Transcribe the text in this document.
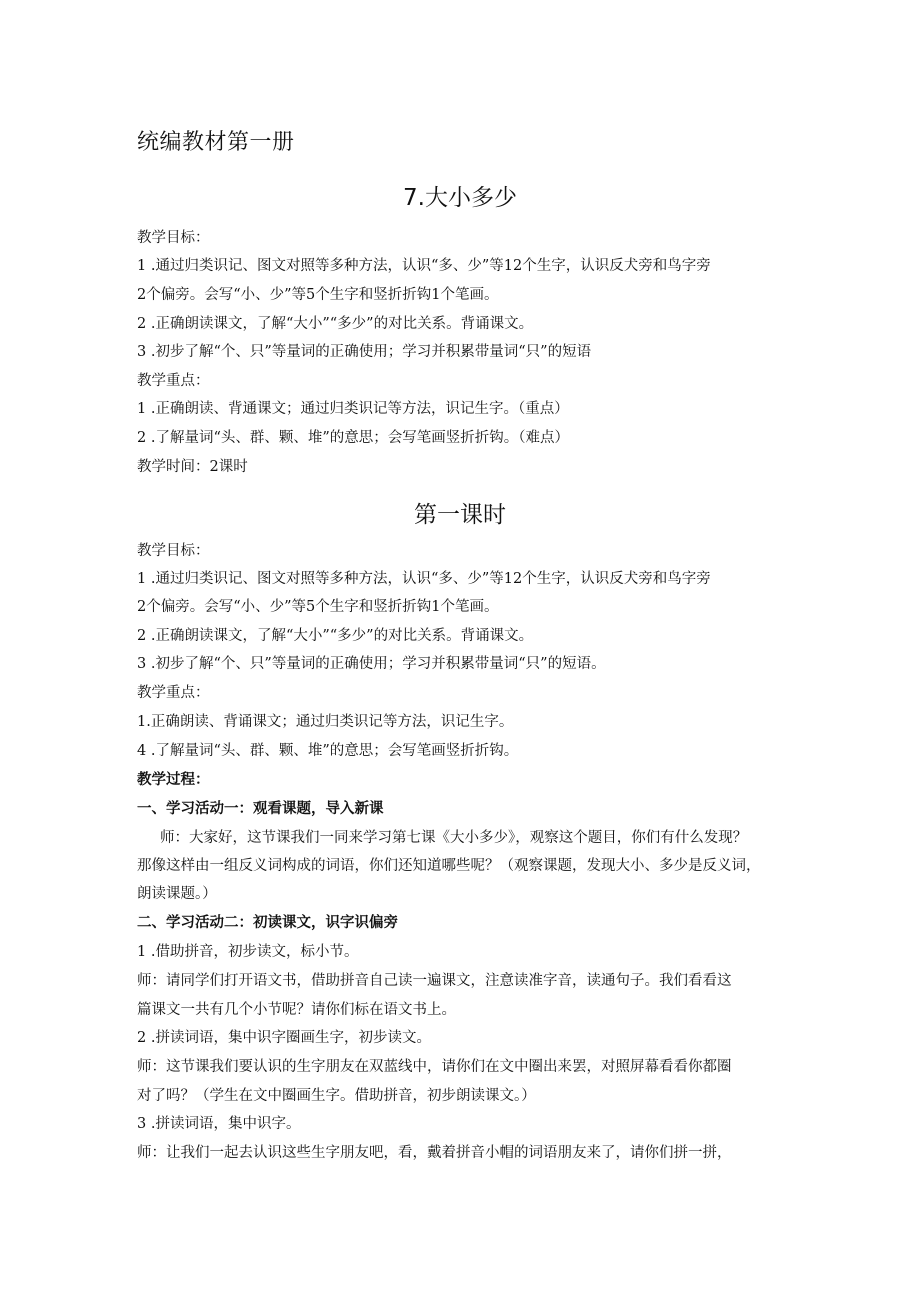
统编教材第一册
7.大小多少
教学目标：
1 .通过归类识记、图文对照等多种方法，认识“多、少”等12个生字，认识反犬旁和鸟字旁
2个偏旁。会写“小、少”等5个生字和竖折折钩1个笔画。
2 .正确朗读课文，了解“大小”“多少”的对比关系。背诵课文。
3 .初步了解“个、只”等量词的正确使用；学习并积累带量词“只”的短语
教学重点：
1 .正确朗读、背通课文；通过归类识记等方法，识记生字。（重点）
2 .了解量词“头、群、颗、堆”的意思；会写笔画竖折折钩。（难点）
教学时间：2课时
第一课时
教学目标：
1 .通过归类识记、图文对照等多种方法，认识“多、少”等12个生字，认识反犬旁和鸟字旁
2个偏旁。会写“小、少”等5个生字和竖折折钩1个笔画。
2 .正确朗读课文，了解“大小”“多少”的对比关系。背诵课文。
3 .初步了解“个、只”等量词的正确使用；学习并积累带量词“只”的短语。
教学重点：
1.正确朗读、背诵课文；通过归类识记等方法，识记生字。
4 .了解量词“头、群、颗、堆”的意思；会写笔画竖折折钩。
教学过程：
一、学习活动一：观看课题，导入新课
师：大家好，这节课我们一同来学习第七课《大小多少》，观察这个题目，你们有什么发现？
那像这样由一组反义词构成的词语，你们还知道哪些呢？（观察课题，发现大小、多少是反义词，
朗读课题。）
二、学习活动二：初读课文，识字识偏旁
1 .借助拼音，初步读文，标小节。
师：请同学们打开语文书，借助拼音自己读一遍课文，注意读准字音，读通句子。我们看看这
篇课文一共有几个小节呢？请你们标在语文书上。
2 .拼读词语，集中识字圈画生字，初步读文。
师：这节课我们要认识的生字朋友在双蓝线中，请你们在文中圈出来罢，对照屏幕看看你都圈
对了吗？（学生在文中圈画生字。借助拼音，初步朗读课文。）
3 .拼读词语，集中识字。
师：让我们一起去认识这些生字朋友吧，看，戴着拼音小帽的词语朋友来了，请你们拼一拼，
